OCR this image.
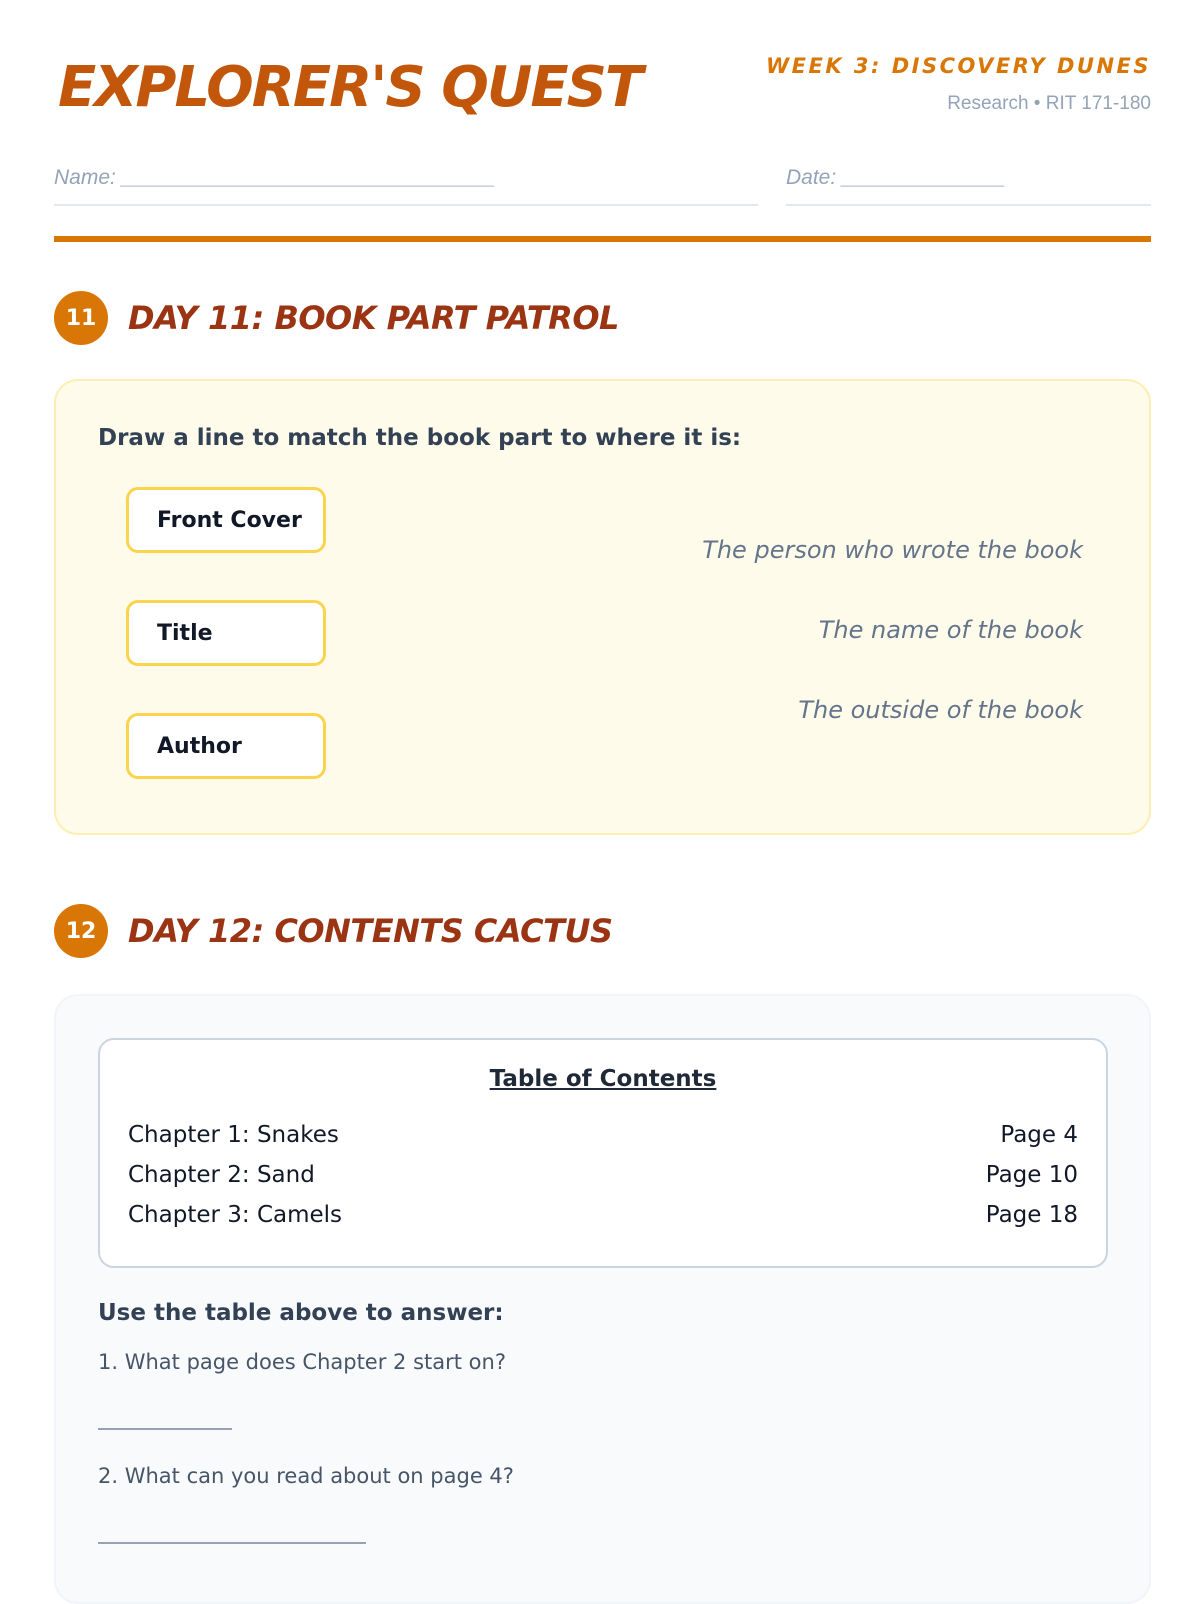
EXPLORER'S QUEST	WEEK 3: DISCOVERY DUNES
Research • RIT 171-180
Name: ________________________________	Date: ______________
11 DAY 11: BOOK PART PATROL
Draw a line to match the book part to where it is:
Front Cover
Title
Author
The person who wrote the book
The name of the book
The outside of the book
12 DAY 12: CONTENTS CACTUS
Table of Contents
Chapter 1: Snakes	Page 4
Chapter 2: Sand	Page 10
Chapter 3: Camels	Page 18
Use the table above to answer:
1. What page does Chapter 2 start on?
2. What can you read about on page 4?
